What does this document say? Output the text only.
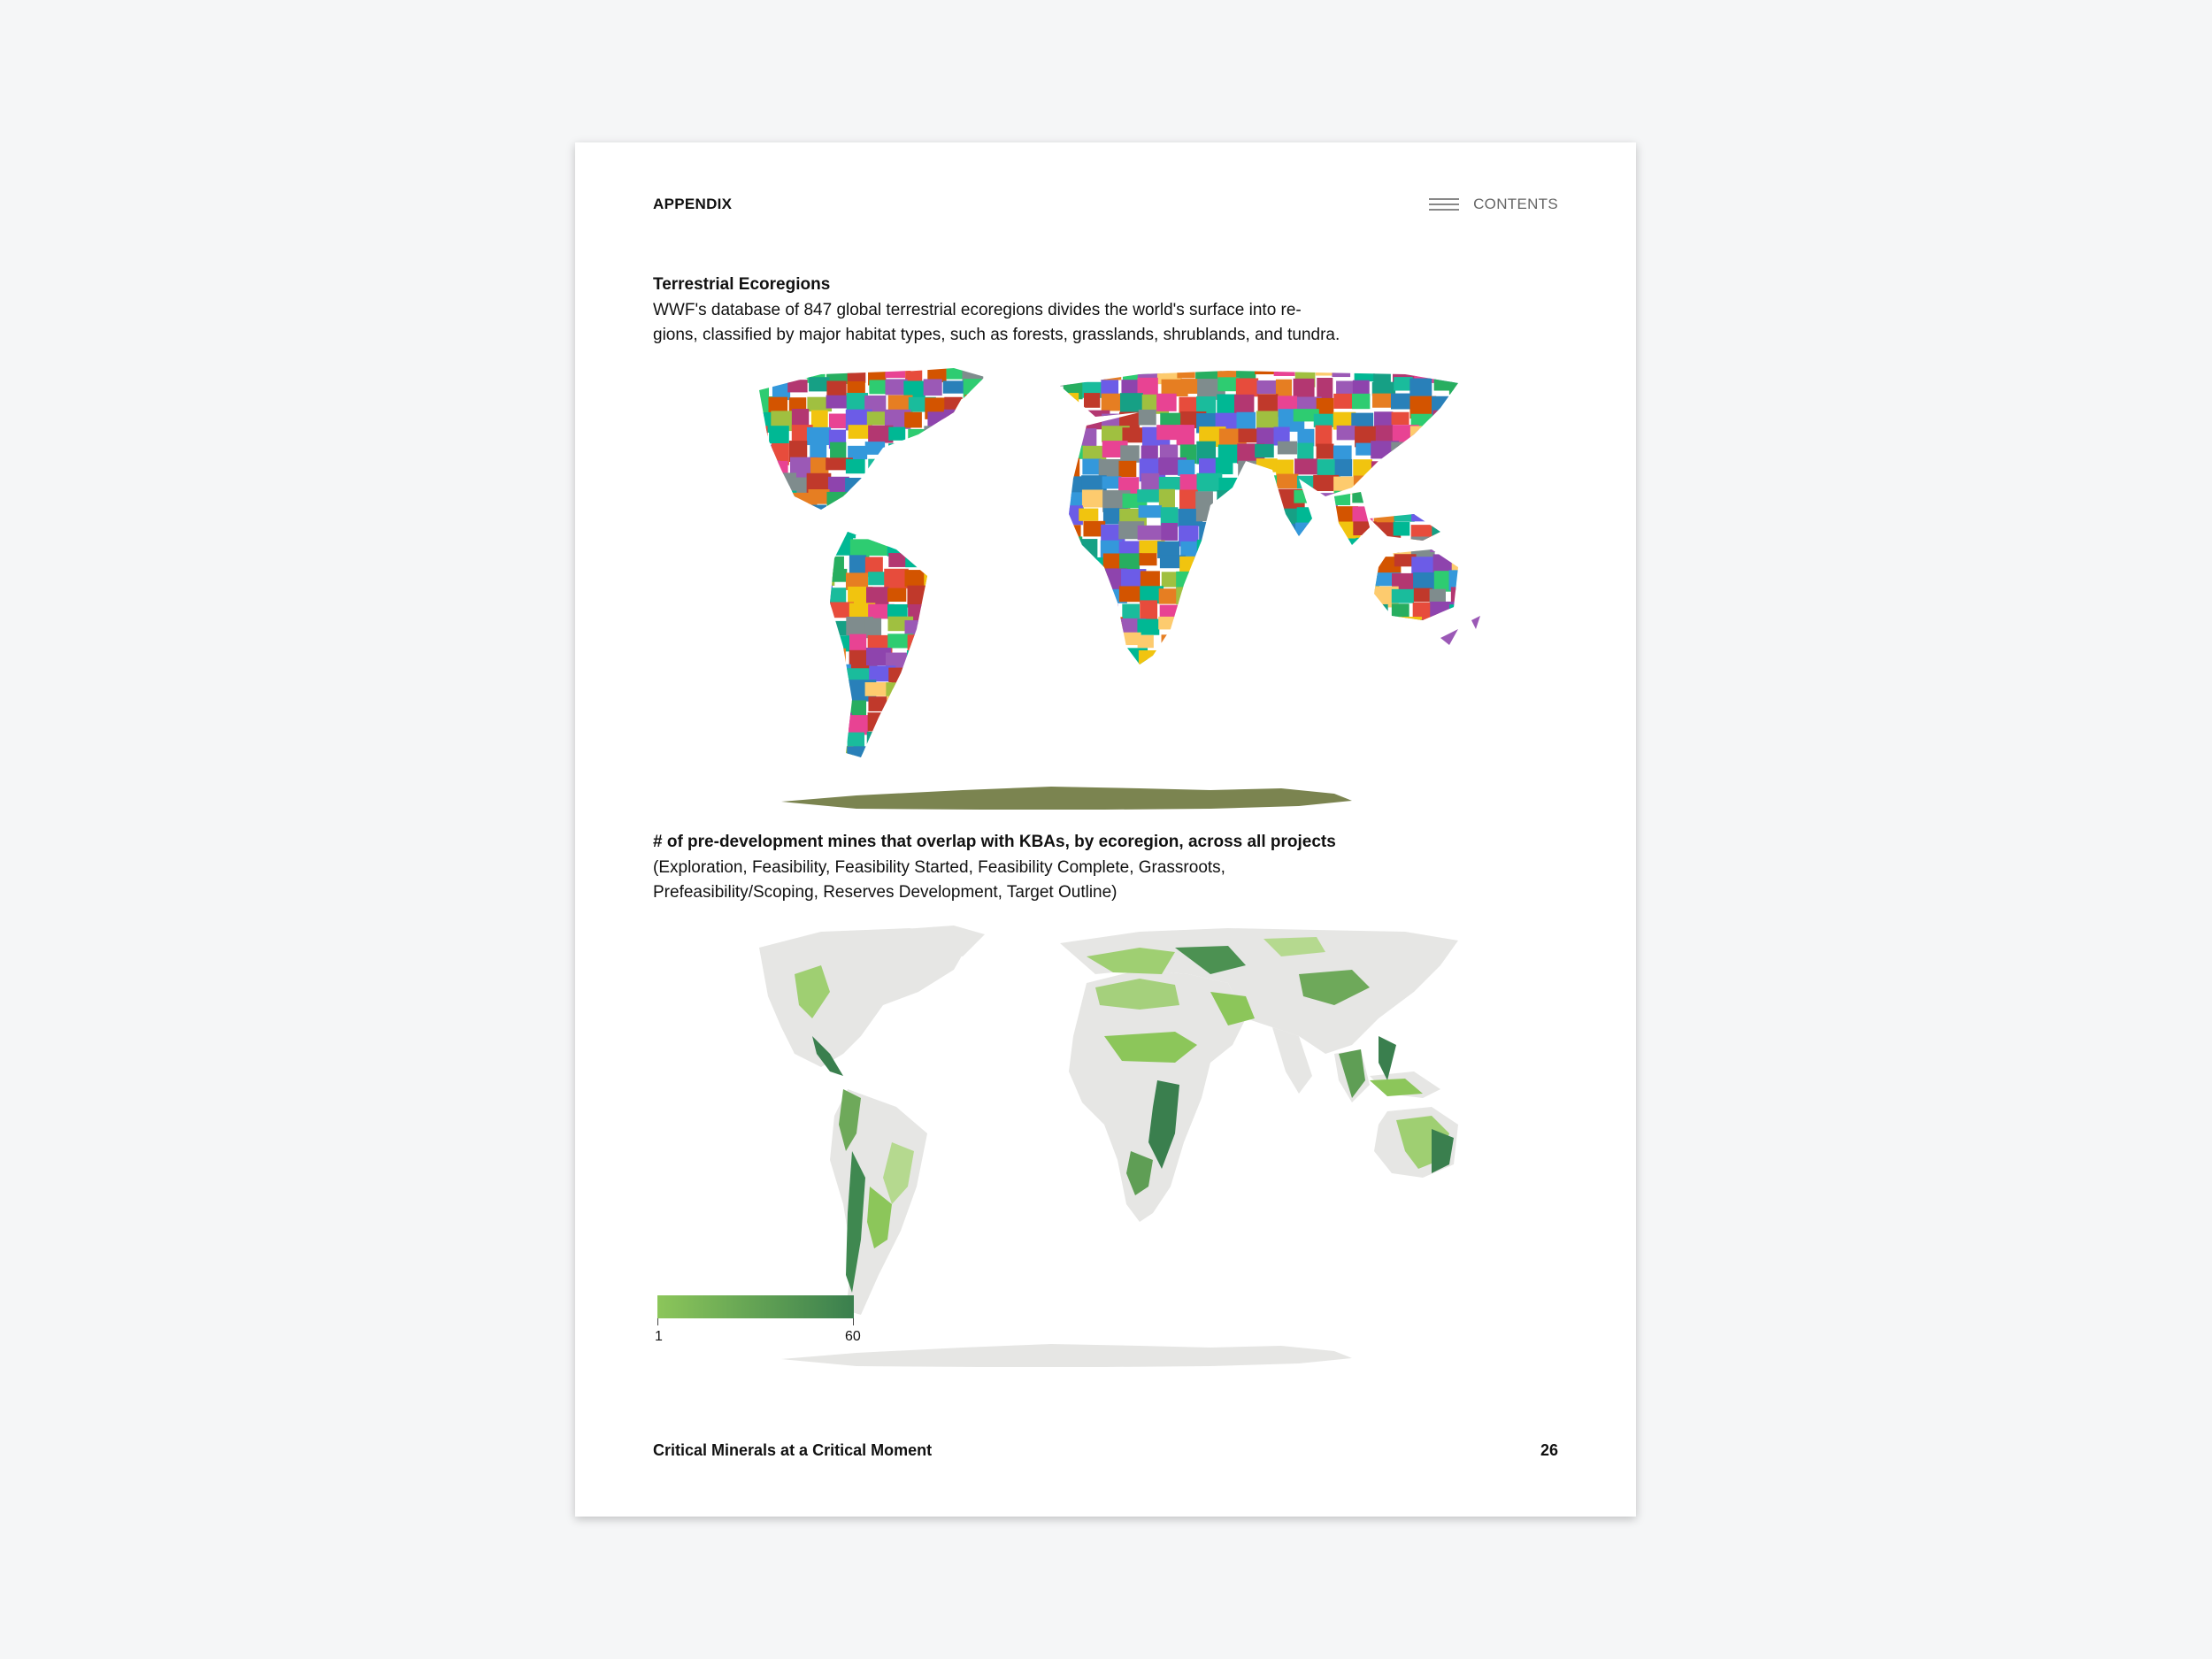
APPENDIX	CONTENTS
Terrestrial Ecoregions
WWF's database of 847 global terrestrial ecoregions divides the world's surface into re-
gions, classified by major habitat types, such as forests, grasslands, shrublands, and tundra.
# of pre-development mines that overlap with KBAs, by ecoregion, across all projects
(Exploration, Feasibility, Feasibility Started, Feasibility Complete, Grassroots,
Prefeasibility/Scoping, Reserves Development, Target Outline)
1	60
Critical Minerals at a Critical Moment	26
